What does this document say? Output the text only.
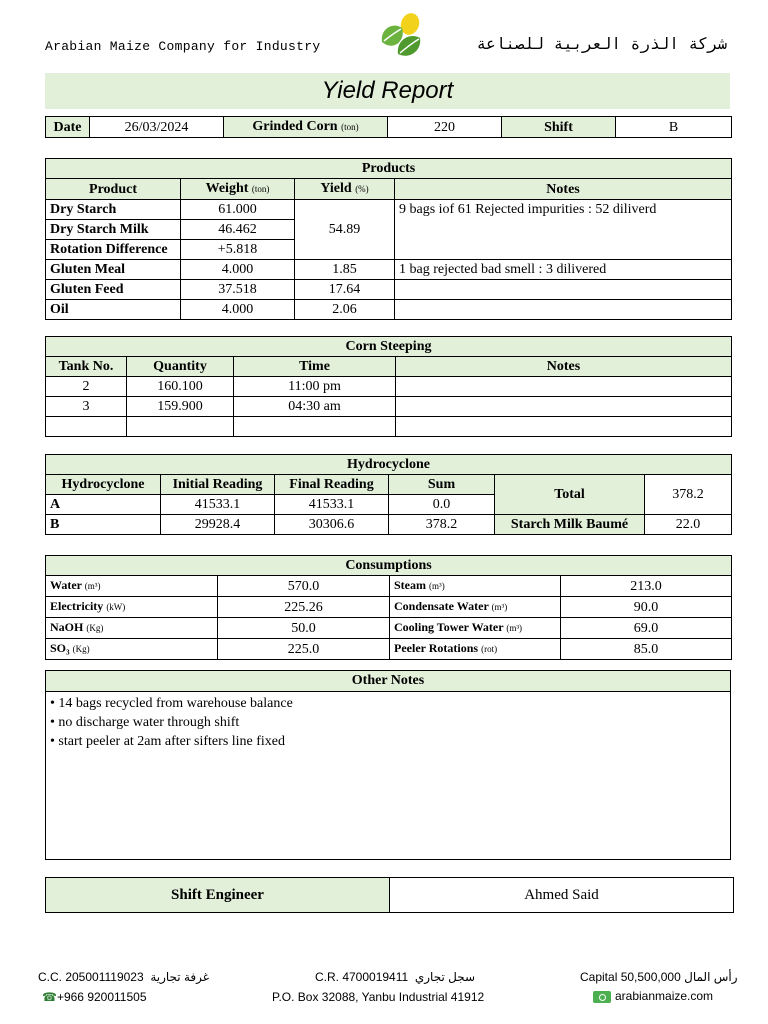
Arabian Maize Company for Industry	شركة الذرة العربية للصناعة
Yield Report
Date	26/03/2024	Grinded Corn (ton)	220	Shift	B
Products			
Product	Weight (ton)	Yield (%)	Notes
Dry Starch	61.000	54.89	9 bags iof 61 Rejected impurities : 52 diliverd
Dry Starch Milk	46.462		
Rotation Difference	+5.818		
Gluten Meal	4.000	1.85	1 bag rejected bad smell : 3 dilivered
Gluten Feed	37.518	17.64	
Oil	4.000	2.06	
Corn Steeping			
Tank No.	Quantity	Time	Notes
2	160.100	11:00 pm	
3	159.900	04:30 am	

Hydrocyclone					
Hydrocyclone	Initial Reading	Final Reading	Sum	Total	378.2
A	41533.1	41533.1	0.0		
B	29928.4	30306.6	378.2	Starch Milk Baumé	22.0
Consumptions			
Water (m³)	570.0	Steam (m³)	213.0
Electricity (kW)	225.26	Condensate Water (m³)	90.0
NaOH (Kg)	50.0	Cooling Tower Water (m³)	69.0
SO₃ (Kg)	225.0	Peeler Rotations (rot)	85.0
Other Notes
• 14 bags recycled from warehouse balance
• no discharge water through shift
• start peeler at 2am after sifters line fixed
Shift Engineer	Ahmed Said
C.C. 205001119023 غرفة تجارية
☎+966 920011505
C.R. 4700019411 سجل تجاري
P.O. Box 32088, Yanbu Industrial 41912
Capital 50,500,000 رأس المال
arabianmaize.com
